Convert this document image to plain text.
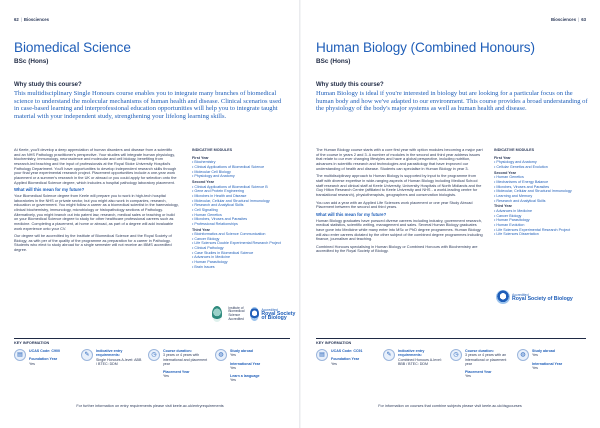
62 | Biosciences
Biomedical Science
BSc (Hons)
Why study this course?

This multidisciplinary Single Honours course enables you to integrate many branches of biomedical science to understand the molecular mechanisms of human health and disease. Clinical scenarios used in case-based learning and interprofessional education opportunities will help you to integrate taught material with your independent study, strengthening your lifelong learning skills.

At Keele, you'll develop a deep appreciation of human disorders and disease from a scientific and an NHS Pathology practitioner's perspective. Your studies will integrate human physiology, biochemistry, immunology, neuroscience and molecular and cell biology, benefiting from research-led teaching and the input of professionals at the Royal Stoke University Hospital's Pathology Department. You'll have opportunities to develop independent research skills through your final year experimental research project. Placement opportunities include a one-year work placement or a summer's research in the UK or abroad or you could apply for selection onto the Applied Biomedical Science degree, which includes a hospital pathology laboratory placement.

What will this mean for my future?

Your Biomedical Science degree from Keele will prepare you to work in high-tech hospital laboratories in the NHS or private sector, but you might also work in companies, research, education or government. You might follow a career as a biomedical scientist in the haematology, clinical biochemistry, immunology, microbiology or histopathology sections of Pathology. Alternatively, you might branch out into patent law, research, medical sales or teaching or build on your Biomedical Science degree to study for other healthcare professional careers such as medicine. Completing a placement, at home or abroad, as part of a degree will add invaluable work experience onto your CV.

Our degree will be accredited by the Institute of Biomedical Science and the Royal Society of Biology, as with per of the quality of the programme as preparation for a career in Pathology. Students who elect to study abroad for a single semester will not receive an IBMS accredited degree.

INDICATIVE MODULES
First Year
• Biochemistry
• Clinical Applications of Biomedical Science
• Molecular Cell Biology
• Physiology and Anatomy
Second Year
• Clinical Applications of Biomedical Science B
• Gene and Protein Engineering
• Microbes in Health and Disease
• Molecular, Cellular and Structural Immunology
• Research and Analytical Skills
• Cell Signalling
• Human Genetics
• Microbes, Viruses and Parasites
• Professional Relationships
Third Year
• Bioinformatics and Science Communication
• Cancer Biology
• Life Sciences Double Experimental Research Project
• Clinical Pathology
• Case Studies in Biomedical Science
• Advances in Medicine
• Human Parasitology
• Brain Issues
Institute of Biomedical Science Accredited
Accredited
Royal Society of Biology
KEY INFORMATION
▤
UCAS Code: C900
Foundation Year
Yes
✎
Indicative entry requirements:
Single Honours A-level: ABB / BTEC: DDM
◷
Course duration:
3 years or 4 years with international and placement year
Placement Year
Yes
◍
Study abroad
Yes
International Year
Yes
Learn a language
Yes
For further information on entry requirements please visit keele.ac.uk/entryrequirements
Biosciences | 63
Human Biology (Combined Honours)
BSc (Hons)
Why study this course?

Human Biology is ideal if you're interested in biology but are looking for a particular focus on the human body and how we've adapted to our environment. This course provides a broad understanding of the physiology of the body's major systems as well as human health and disease.

The Human Biology course starts with a core first year with option modules becoming a major part of the course in years 2 and 3. A number of modules in the second and third year address issues that relate to our ever changing lifestyles and have a global perspective, including nutrition, advances in scientific research and technologies and parasitology that have improved our understanding of health and disease. Students can specialise in Human Biology in year 3.

The multidisciplinary approach to Human Biology is supported by input to the programme from staff with diverse expertise in wide-ranging aspects of Human Biology including Medical School staff research and clinical staff at Keele University, University Hospitals of North Midlands and the Guy Hilton Research Centre (affiliated to Keele University and NHS - a world-leading centre for translational research), physiotherapists, geographers and conservation biologists.

You can add a year with an Applied Life Sciences work placement or one year Study Abroad Placement between the second and third years.

What will this mean for my future?

Human Biology graduates have pursued diverse careers including industry, government research, medical statistics, scientific writing, management and sales. Several Human Biology graduates have gone into Medicine while many enter into MSc or PhD degree programmes. Human Biology will also enter careers dictated by the other subject of the combined degree programmes including finance, journalism and teaching.

Combined Honours specialising in Human Biology or Combined Honours with Biochemistry are accredited by the Royal Society of Biology.

INDICATIVE MODULES
First Year
• Physiology and Anatomy
• Cellular Genetics and Evolution
Second Year
• Human Genetics
• Mechanisms of Energy Balance
• Microbes, Viruses and Parasites
• Molecular, Cellular and Structural Immunology
• Learning and Memory
• Research and Analytical Skills
Third Year
• Advances in Medicine
• Cancer Biology
• Human Parasitology
• Human Evolution
• Life Sciences Experimental Research Project
• Life Sciences Dissertation
Accredited
Royal Society of Biology
KEY INFORMATION
▤
UCAS Code: CC91
Foundation Year
Yes
✎
Indicative entry requirements:
Combined Honours A-level: BBB / BTEC: DDM
◷
Course duration:
3 years or 4 years with an international or placement year
Placement Year
Yes
◍
Study abroad
Yes
International Year
Yes
For information on courses that combine subjects please visit keele.ac.uk/dsgcourses
